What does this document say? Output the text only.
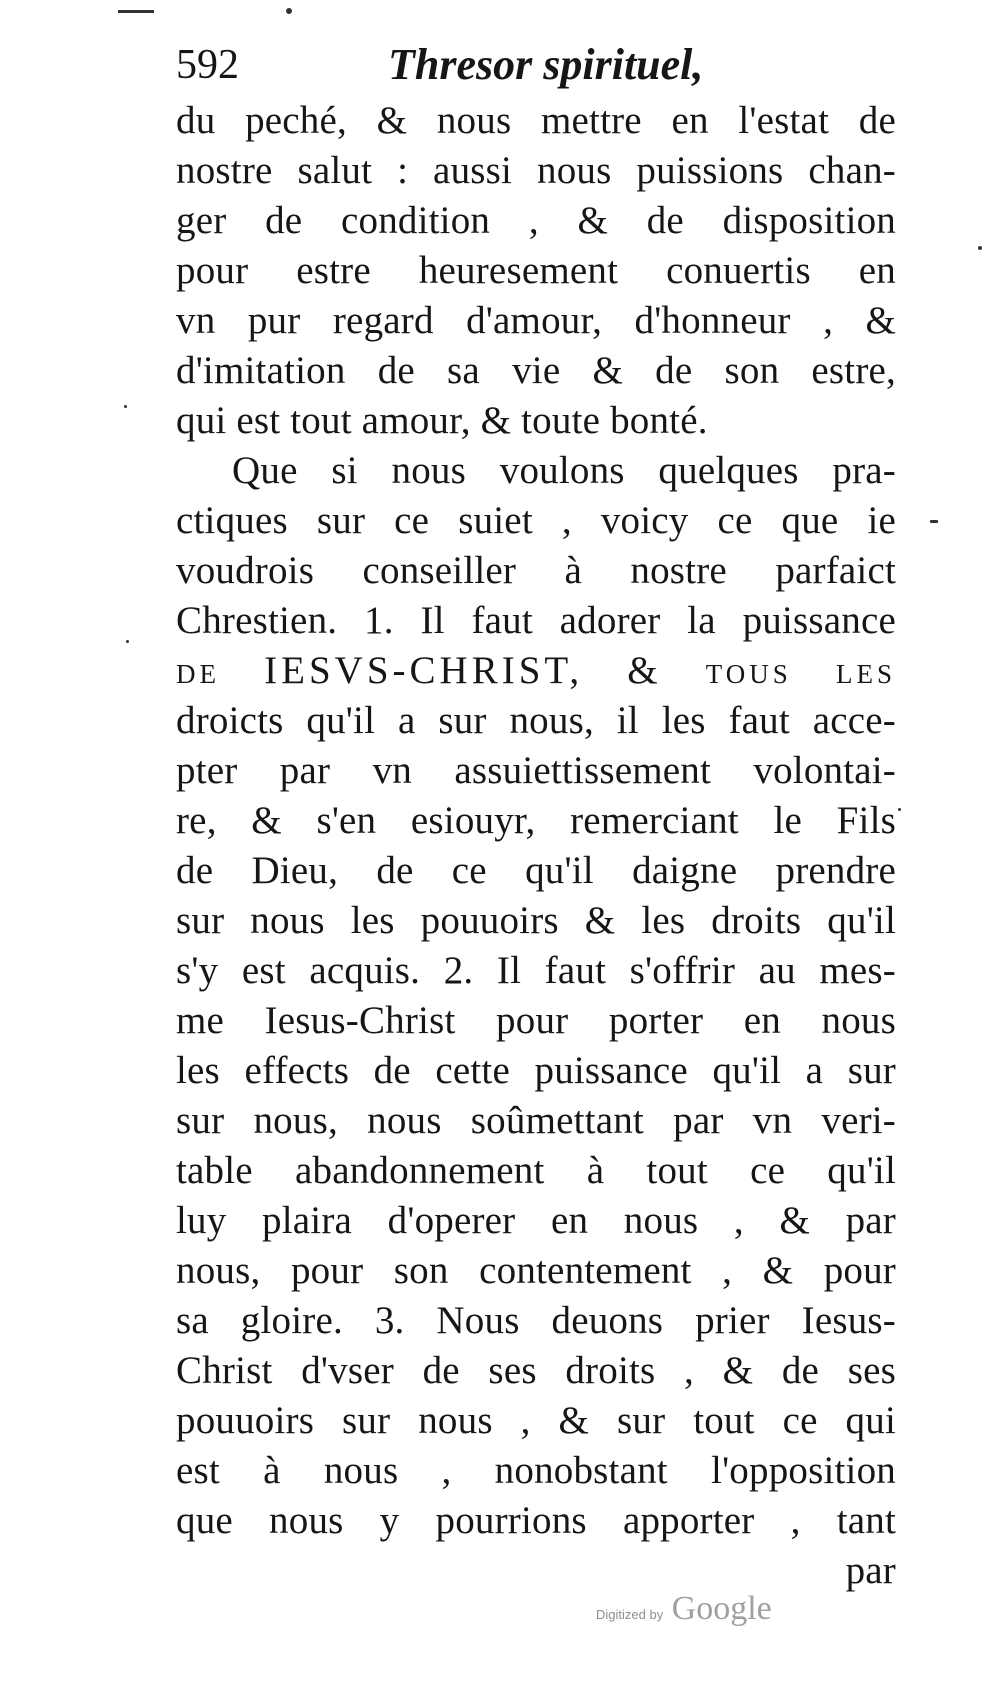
592	Thresor spirituel,
du peché, & nous mettre en l'estat de
nostre salut : aussi nous puissions chan-
ger de condition , & de disposition
pour estre heuresement conuertis en
vn pur regard d'amour, d'honneur , &
d'imitation de sa vie & de son estre,
qui est tout amour, & toute bonté.
Que si nous voulons quelques pra-
ctiques sur ce suiet , voicy ce que ie
voudrois conseiller à nostre parfaict
Chrestien. 1. Il faut adorer la puissance
de IESVS-CHRIST, & tous les
droicts qu'il a sur nous, il les faut acce-
pter par vn assuiettissement volontai-
re, & s'en esiouyr, remerciant le Fils
de Dieu, de ce qu'il daigne prendre
sur nous les pouuoirs & les droits qu'il
s'y est acquis. 2. Il faut s'offrir au mes-
me Iesus-Christ pour porter en nous
les effects de cette puissance qu'il a sur
sur nous, nous soûmettant par vn veri-
table abandonnement à tout ce qu'il
luy plaira d'operer en nous , & par
nous, pour son contentement , & pour
sa gloire. 3. Nous deuons prier Iesus-
Christ d'vser de ses droits , & de ses
pouuoirs sur nous , & sur tout ce qui
est à nous , nonobstant l'opposition
que nous y pourrions apporter , tant
par
Digitized by Google
